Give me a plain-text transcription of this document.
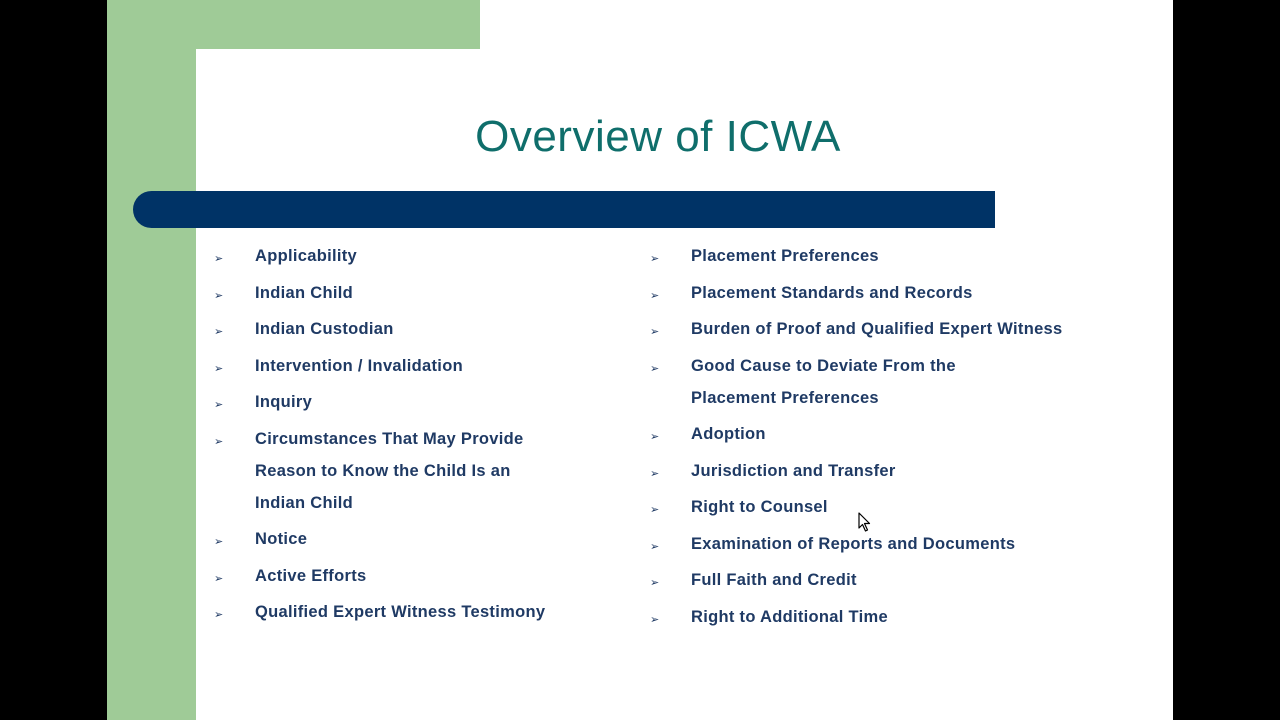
Overview of ICWA
➢ Applicability
➢ Indian Child
➢ Indian Custodian
➢ Intervention / Invalidation
➢ Inquiry
➢ Circumstances That May Provide Reason to Know the Child Is an Indian Child
➢ Notice
➢ Active Efforts
➢ Qualified Expert Witness Testimony
➢ Placement Preferences
➢ Placement Standards and Records
➢ Burden of Proof and Qualified Expert Witness
➢ Good Cause to Deviate From the Placement Preferences
➢ Adoption
➢ Jurisdiction and Transfer
➢ Right to Counsel
➢ Examination of Reports and Documents
➢ Full Faith and Credit
➢ Right to Additional Time
